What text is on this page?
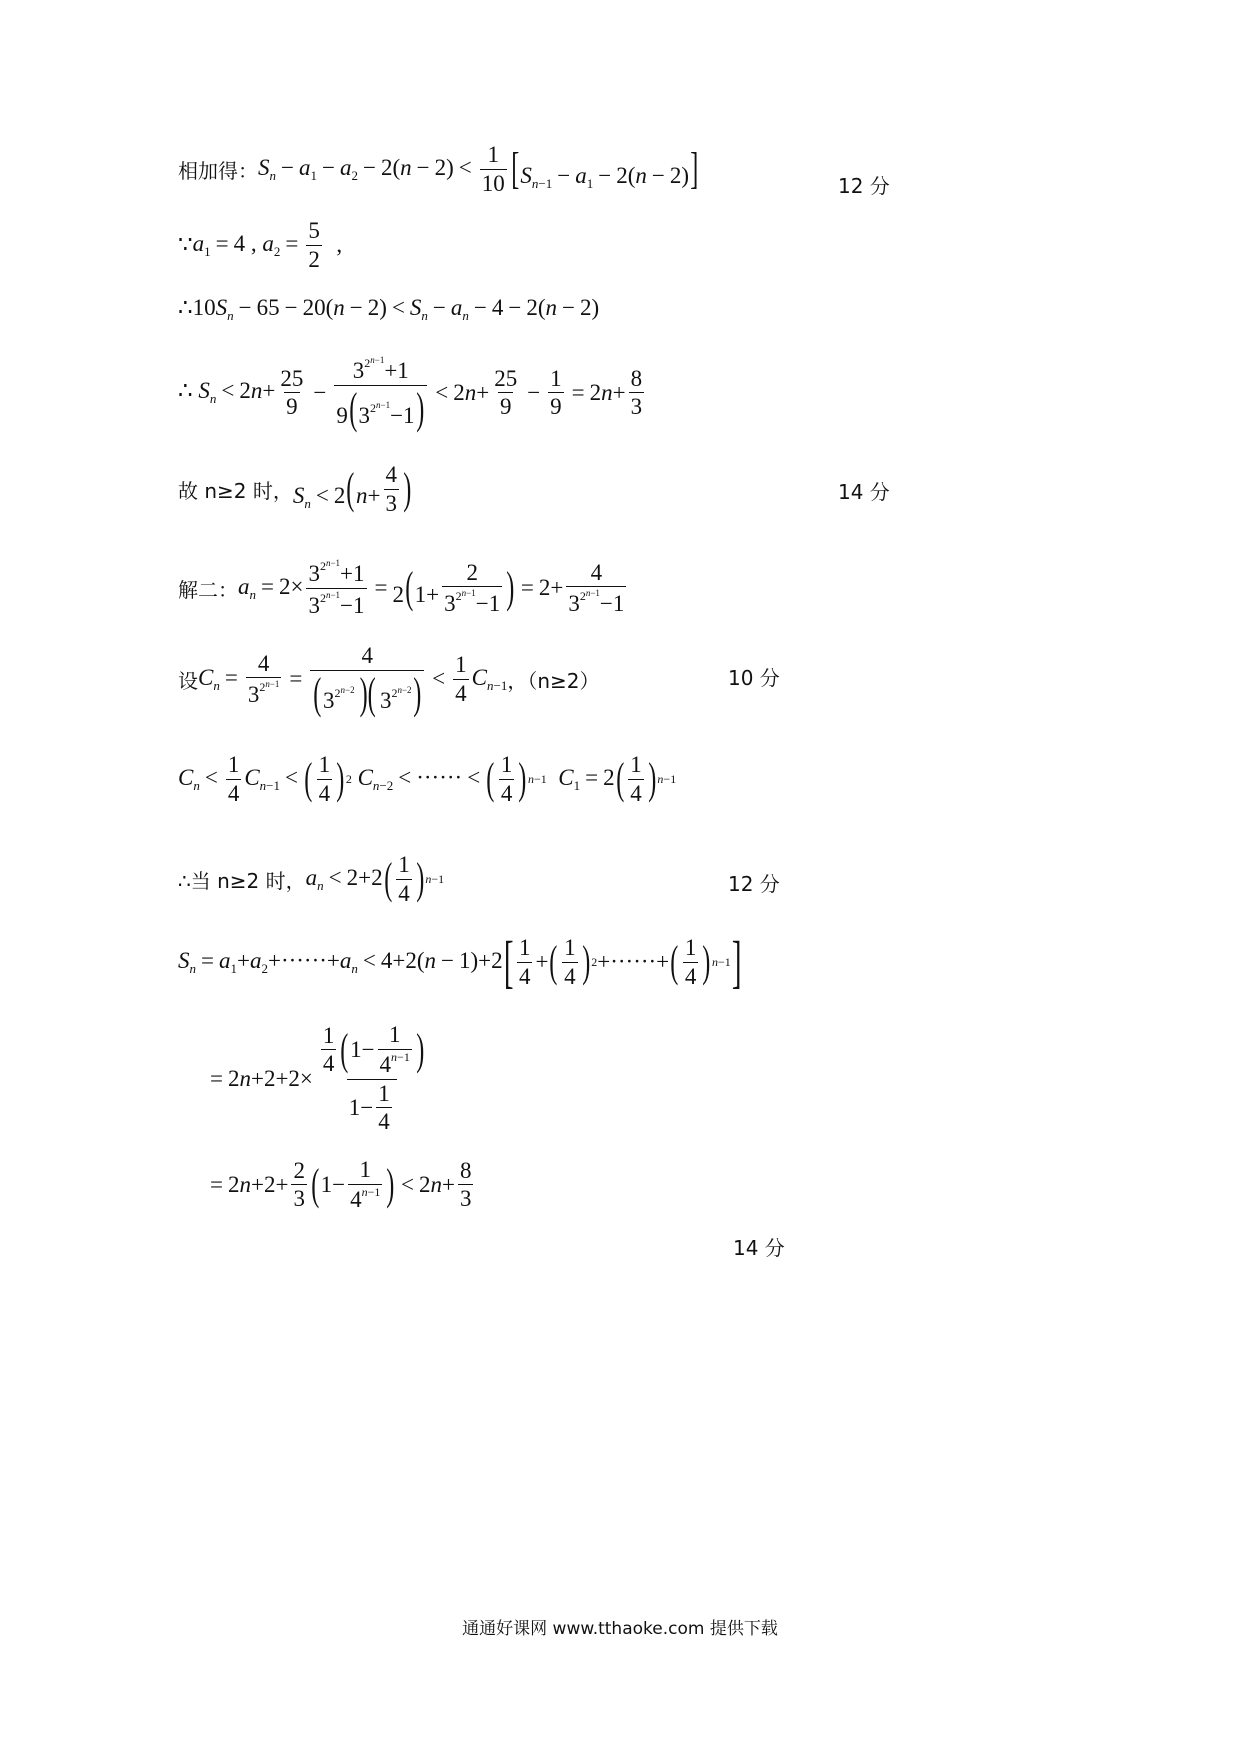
相加得： $S_n - a_1 - a_2 - 2(n - 2) < \frac{1}{10} [S_{n-1} - a_1 - 2(n - 2)]$	12 分
∵ $a_1 = 4$ , $a_2 = \frac{5}{2}$ ,
$\therefore 10S_n - 65 - 20(n - 2) < S_n - a_n - 4 - 2(n - 2)$
∴ $S_n < 2n+ \frac{25}{9} - \frac{3^{2^{n-1}}+1}{9(3^{2^{n-1}}-1)} < 2n+ \frac{25}{9} - \frac{1}{9} = 2n+ \frac{8}{3}$
故 n≥2 时， $S_n < 2(n+ \frac{4}{3}$ )	14 分
解二： $a_n = 2\times \frac{3^{2^{n-1}}+1}{3^{2^{n-1}}-1} = 2(1+ \frac{2}{3^{2^{n-1}}-1}$ ) = $2+ \frac{4}{3^{2^{n-1}}-1}$
设 $C_n = \frac{4}{3^{2^{n-1}}} = \frac{4}{(3^{2^{n-2}} )( 3^{2^{n-2}})} < \frac{1}{4} C_{n-1}$ ，（n≥2）	10 分
$C_n < \frac{1}{4} C_{n-1}$ < ( $\frac{1}{4}$ ) 2 $C_{n-2}$ < ······ < ( $\frac{1}{4}$ ) n−1 $C_1 = 2$ ( $\frac{1}{4}$ ) n−1
∴当 n≥2 时， $a_n < 2+2$ ( $\frac{1}{4}$ ) n−1	12 分
$S_n = a_1+a_2+\cdot\cdot\cdot\cdot\cdot\cdot+a_n < 4+2(n - 1)+2$ [ $\frac{1}{4}$ + ( $\frac{1}{4}$ ) 2 +······+ ( $\frac{1}{4}$ ) n−1 ]
= $2n+2+2\times \frac{\frac{1}{4} ( 1- \frac{1}{4^{n-1}} )}{1- \frac{1}{4}}$
= $2n+2+ \frac{2}{3}$ ( $1- \frac{1}{4^{n-1}}$ ) < $2n+ \frac{8}{3}$
14 分
通通好课网 www.tthaoke.com 提供下载
